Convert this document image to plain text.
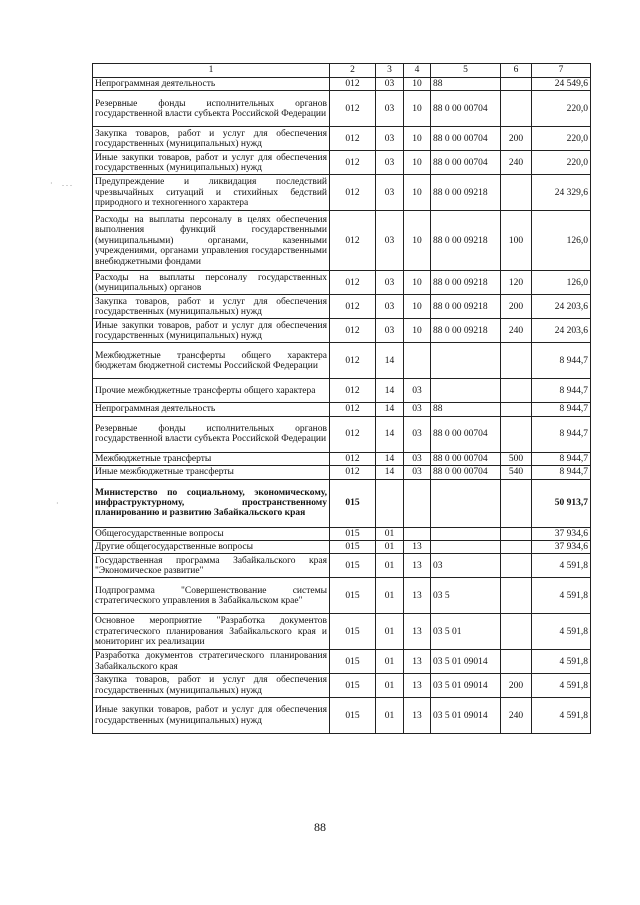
1	2	3	4	5	6	7
Непрограммная деятельность	012	03	10	88		24 549,6
Резервные фонды исполнительных органов государственной власти субъекта Российской Федерации	012	03	10	88 0 00 00704		220,0
Закупка товаров, работ и услуг для обеспечения государственных (муниципальных) нужд	012	03	10	88 0 00 00704	200	220,0
Иные закупки товаров, работ и услуг для обеспечения государственных (муниципальных) нужд	012	03	10	88 0 00 00704	240	220,0
Предупреждение и ликвидация последствий чрезвычайных ситуаций и стихийных бедствий природного и техногенного характера	012	03	10	88 0 00 09218		24 329,6
Расходы на выплаты персоналу в целях обеспечения выполнения функций государственными (муниципальными) органами, казенными учреждениями, органами управления государственными внебюджетными фондами	012	03	10	88 0 00 09218	100	126,0
Расходы на выплаты персоналу государственных (муниципальных) органов	012	03	10	88 0 00 09218	120	126,0
Закупка товаров, работ и услуг для обеспечения государственных (муниципальных) нужд	012	03	10	88 0 00 09218	200	24 203,6
Иные закупки товаров, работ и услуг для обеспечения государственных (муниципальных) нужд	012	03	10	88 0 00 09218	240	24 203,6
Межбюджетные трансферты общего характера бюджетам бюджетной системы Российской Федерации	012	14				8 944,7
Прочие межбюджетные трансферты общего характера	012	14	03			8 944,7
Непрограммная деятельность	012	14	03	88		8 944,7
Резервные фонды исполнительных органов государственной власти субъекта Российской Федерации	012	14	03	88 0 00 00704		8 944,7
Межбюджетные трансферты	012	14	03	88 0 00 00704	500	8 944,7
Иные межбюджетные трансферты	012	14	03	88 0 00 00704	540	8 944,7
Министерство по социальному, экономическому, инфраструктурному, пространственному планированию и развитию Забайкальского края	015					50 913,7
Общегосударственные вопросы	015	01				37 934,6
Другие общегосударственные вопросы	015	01	13			37 934,6
Государственная программа Забайкальского края "Экономическое развитие"	015	01	13	03		4 591,8
Подпрограмма "Совершенствование системы стратегического управления в Забайкальском крае"	015	01	13	03 5		4 591,8
Основное мероприятие "Разработка документов стратегического планирования Забайкальского края и мониторинг их реализации	015	01	13	03 5 01		4 591,8
Разработка документов стратегического планирования Забайкальского края	015	01	13	03 5 01 09014		4 591,8
Закупка товаров, работ и услуг для обеспечения государственных (муниципальных) нужд	015	01	13	03 5 01 09014	200	4 591,8
Иные закупки товаров, работ и услуг для обеспечения государственных (муниципальных) нужд	015	01	13	03 5 01 09014	240	4 591,8
. . .
·
·
88
